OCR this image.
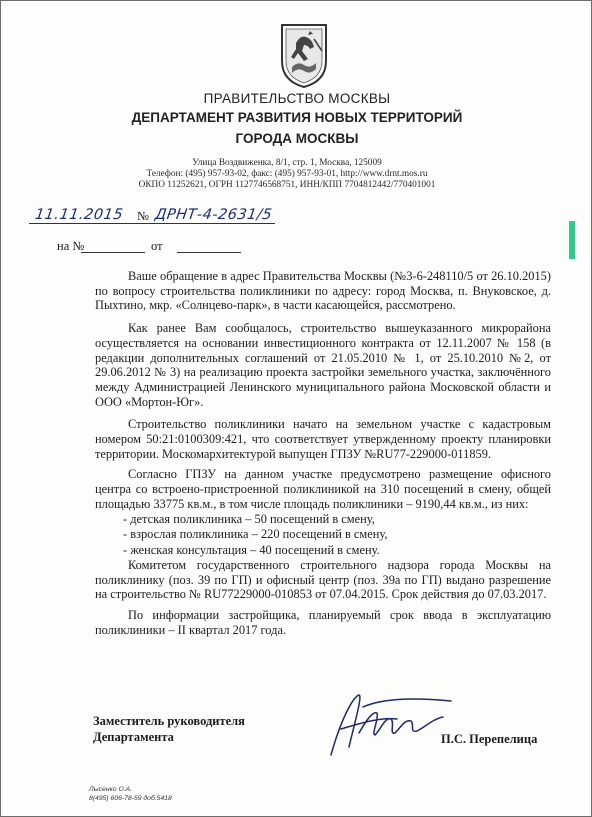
ПРАВИТЕЛЬСТВО МОСКВЫ
ДЕПАРТАМЕНТ РАЗВИТИЯ НОВЫХ ТЕРРИТОРИЙ
ГОРОДА МОСКВЫ
Улица Воздвиженка, 8/1, стр. 1, Москва, 125009
Телефон: (495) 957-93-02, факс: (495) 957-93-01, http://www.drnt.mos.ru
ОКПО 11252621, ОГРН 1127746568751, ИНН/КПП 7704812442/770401001
11.11.2015 № ДРНТ-4-2631/5
на №	от

Ваше обращение в адрес Правительства Москвы (№3-6-248110/5 от 26.10.2015) по вопросу строительства поликлиники по адресу: город Москва, п. Внуковское, д. Пыхтино, мкр. «Солнцево-парк», в части касающейся, рассмотрено.

Как ранее Вам сообщалось, строительство вышеуказанного микрорайона осуществляется на основании инвестиционного контракта от 12.11.2007 № 158 (в редакции дополнительных соглашений от 21.05.2010 № 1, от 25.10.2010 №2, от 29.06.2012 № 3) на реализацию проекта застройки земельного участка, заключённого между Администрацией Ленинского муниципального района Московской области и ООО «Мортон-Юг».

Строительство поликлиники начато на земельном участке с кадастровым номером 50:21:0100309:421, что соответствует утвержденному проекту планировки территории. Москомархитектурой выпущен ГПЗУ №RU77-229000-011859.

Согласно ГПЗУ на данном участке предусмотрено размещение офисного центра со встроено-пристроенной поликлиникой на 310 посещений в смену, общей площадью 33775 кв.м., в том числе площадь поликлиники – 9190,44 кв.м., из них:

- детская поликлиника – 50 посещений в смену,
- взрослая поликлиника – 220 посещений в смену,
- женская консультация – 40 посещений в смену.

Комитетом государственного строительного надзора города Москвы на поликлинику (поз. 39 по ГП) и офисный центр (поз. 39а по ГП) выдано разрешение на строительство № RU77229000-010853 от 07.04.2015. Срок действия до 07.03.2017.

По информации застройщика, планируемый срок ввода в эксплуатацию поликлиники – II квартал 2017 года.

Заместитель руководителя
Департамента	П.С. Перепелица
Лысенко О.А.
8(495) 606-78-59 доб.5418
